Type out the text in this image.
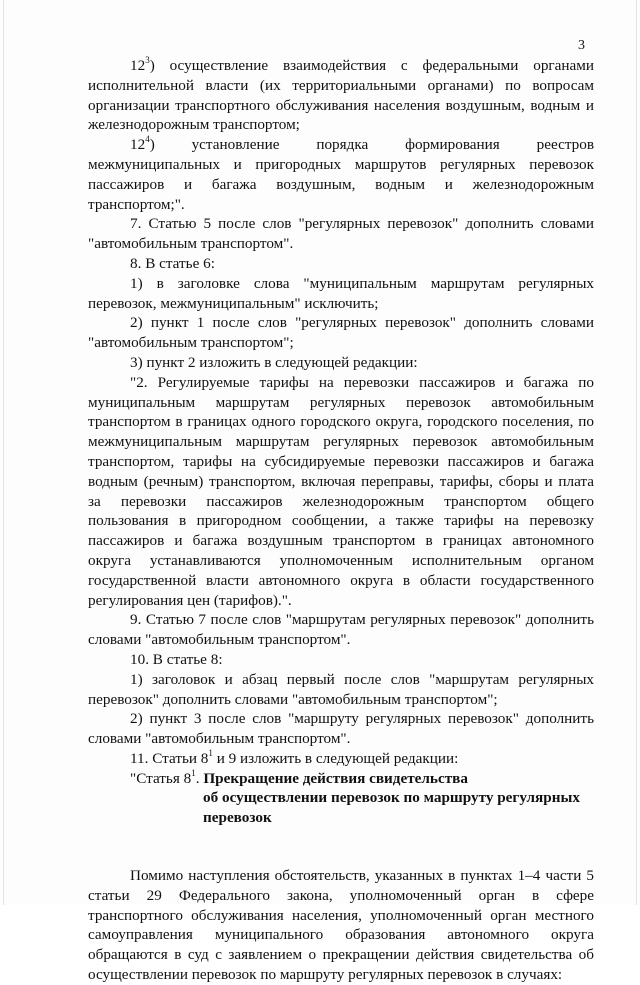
3

$12^3$) осуществление взаимодействия с федеральными органами исполнительной власти (их территориальными органами) по вопросам организации транспортного обслуживания населения воздушным, водным и железнодорожным транспортом;

$12^4$) установление порядка формирования реестров межмуниципальных и пригородных маршрутов регулярных перевозок пассажиров и багажа воздушным, водным и железнодорожным транспортом;".

7. Статью 5 после слов "регулярных перевозок" дополнить словами "автомобильным транспортом".

8. В статье 6:

1) в заголовке слова "муниципальным маршрутам регулярных перевозок, межмуниципальным" исключить;

2) пункт 1 после слов "регулярных перевозок" дополнить словами "автомобильным транспортом";

3) пункт 2 изложить в следующей редакции:

"2. Регулируемые тарифы на перевозки пассажиров и багажа по муниципальным маршрутам регулярных перевозок автомобильным транспортом в границах одного городского округа, городского поселения, по межмуниципальным маршрутам регулярных перевозок автомобильным транспортом, тарифы на субсидируемые перевозки пассажиров и багажа водным (речным) транспортом, включая переправы, тарифы, сборы и плата за перевозки пассажиров железнодорожным транспортом общего пользования в пригородном сообщении, а также тарифы на перевозку пассажиров и багажа воздушным транспортом в границах автономного округа устанавливаются уполномоченным исполнительным органом государственной власти автономного округа в области государственного регулирования цен (тарифов).".

9. Статью 7 после слов "маршрутам регулярных перевозок" дополнить словами "автомобильным транспортом".

10. В статье 8:

1) заголовок и абзац первый после слов "маршрутам регулярных перевозок" дополнить словами "автомобильным транспортом";

2) пункт 3 после слов "маршруту регулярных перевозок" дополнить словами "автомобильным транспортом".

11. Статьи $8^1$ и 9 изложить в следующей редакции:

"Статья $8^1$. Прекращение действия свидетельства

об осуществлении перевозок по маршруту регулярных перевозок

Помимо наступления обстоятельств, указанных в пунктах 1–4 части 5 статьи 29 Федерального закона, уполномоченный орган в сфере транспортного обслуживания населения, уполномоченный орган местного самоуправления муниципального образования автономного округа обращаются в суд с заявлением о прекращении действия свидетельства об осуществлении перевозок по маршруту регулярных перевозок в случаях:
